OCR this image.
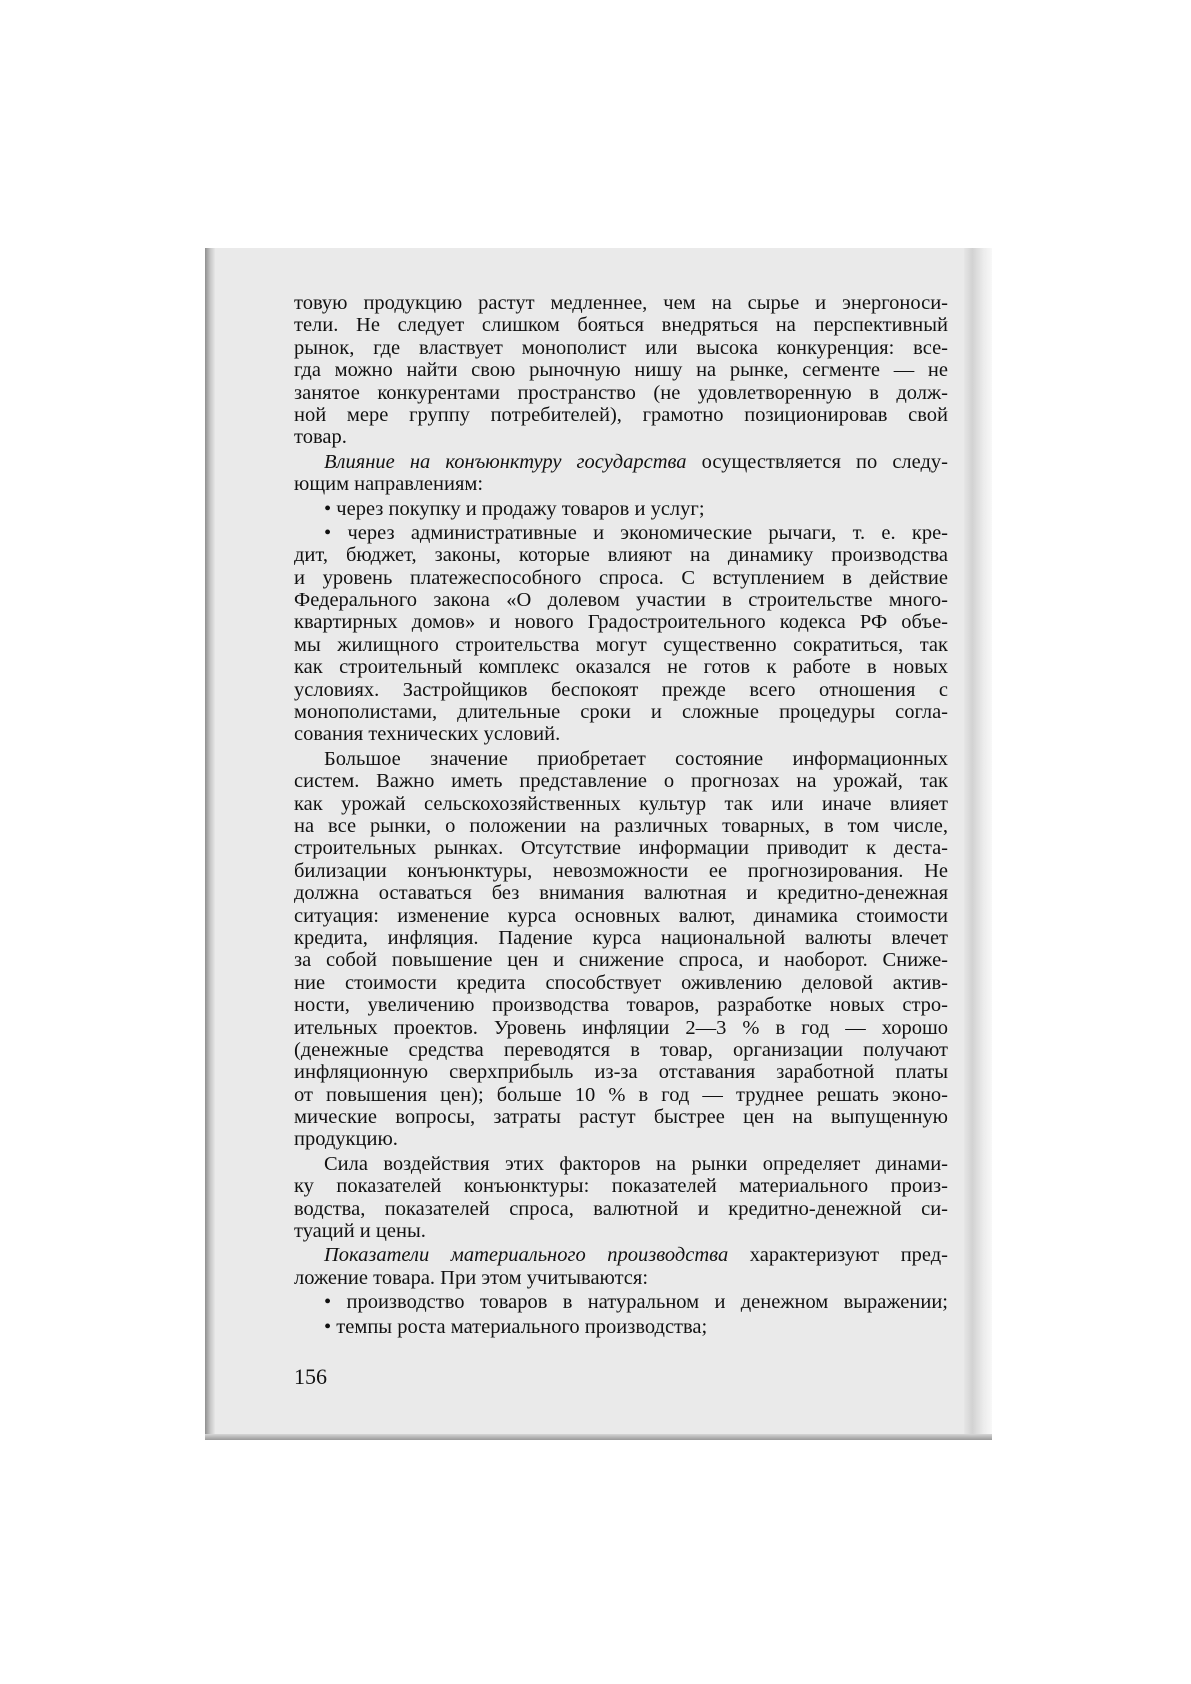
товую продукцию растут медленнее, чем на сырье и энергоноси-
тели. Не следует слишком бояться внедряться на перспективный
рынок, где властвует монополист или высока конкуренция: все-
гда можно найти свою рыночную нишу на рынке, сегменте — не
занятое конкурентами пространство (не удовлетворенную в долж-
ной мере группу потребителей), грамотно позиционировав свой
товар.
Влияние на конъюнктуру государства осуществляется по следу-
ющим направлениям:
• через покупку и продажу товаров и услуг;
• через административные и экономические рычаги, т. е. кре-
дит, бюджет, законы, которые влияют на динамику производства
и уровень платежеспособного спроса. С вступлением в действие
Федерального закона «О долевом участии в строительстве много-
квартирных домов» и нового Градостроительного кодекса РФ объе-
мы жилищного строительства могут существенно сократиться, так
как строительный комплекс оказался не готов к работе в новых
условиях. Застройщиков беспокоят прежде всего отношения с
монополистами, длительные сроки и сложные процедуры согла-
сования технических условий.
Большое значение приобретает состояние информационных
систем. Важно иметь представление о прогнозах на урожай, так
как урожай сельскохозяйственных культур так или иначе влияет
на все рынки, о положении на различных товарных, в том числе,
строительных рынках. Отсутствие информации приводит к деста-
билизации конъюнктуры, невозможности ее прогнозирования. Не
должна оставаться без внимания валютная и кредитно-денежная
ситуация: изменение курса основных валют, динамика стоимости
кредита, инфляция. Падение курса национальной валюты влечет
за собой повышение цен и снижение спроса, и наоборот. Сниже-
ние стоимости кредита способствует оживлению деловой актив-
ности, увеличению производства товаров, разработке новых стро-
ительных проектов. Уровень инфляции 2—3 % в год — хорошо
(денежные средства переводятся в товар, организации получают
инфляционную сверхприбыль из-за отставания заработной платы
от повышения цен); больше 10 % в год — труднее решать эконо-
мические вопросы, затраты растут быстрее цен на выпущенную
продукцию.
Сила воздействия этих факторов на рынки определяет динами-
ку показателей конъюнктуры: показателей материального произ-
водства, показателей спроса, валютной и кредитно-денежной си-
туаций и цены.
Показатели материального производства характеризуют пред-
ложение товара. При этом учитываются:
• производство товаров в натуральном и денежном выражении;
• темпы роста материального производства;
156
